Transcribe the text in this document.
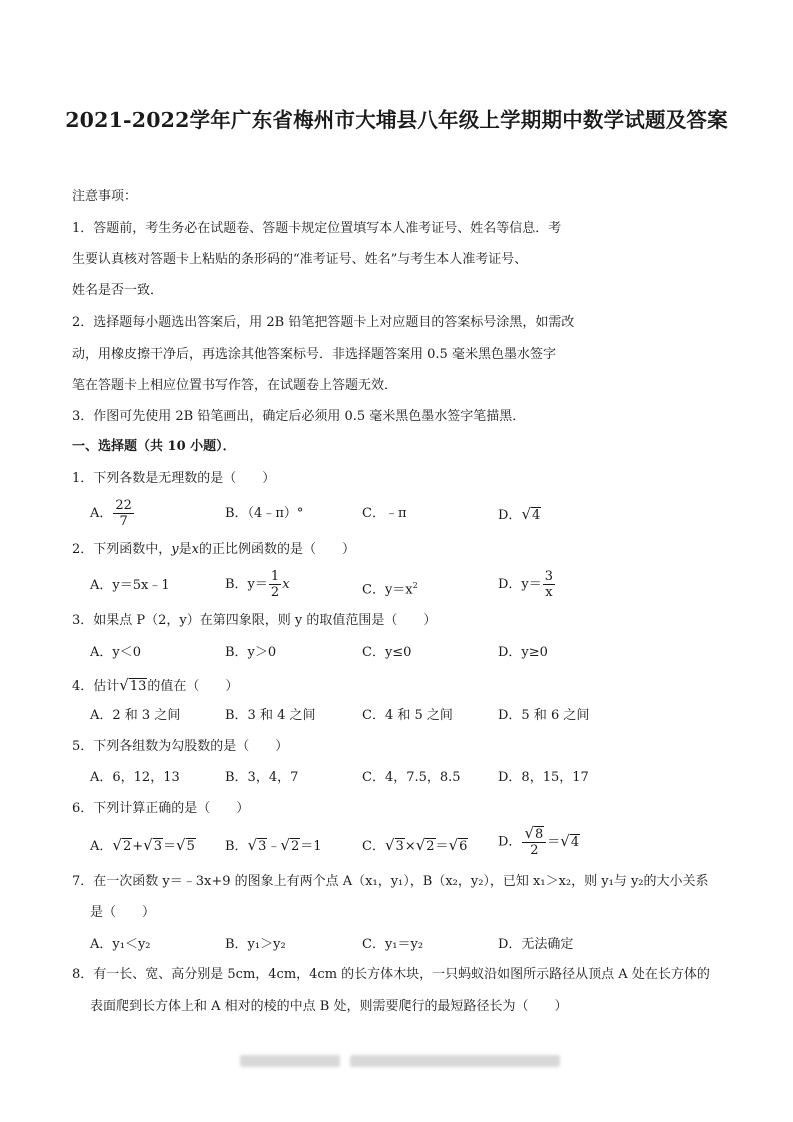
2021-2022学年广东省梅州市大埔县八年级上学期期中数学试题及答案
注意事项：
1．答题前，考生务必在试题卷、答题卡规定位置填写本人准考证号、姓名等信息．考
生要认真核对答题卡上粘贴的条形码的“准考证号、姓名”与考生本人准考证号、
姓名是否一致．
2．选择题每小题选出答案后，用 2B 铅笔把答题卡上对应题目的答案标号涂黑，如需改
动，用橡皮擦干净后，再选涂其他答案标号．非选择题答案用 0.5 毫米黑色墨水签字
笔在答题卡上相应位置书写作答，在试题卷上答题无效．
3．作图可先使用 2B 铅笔画出，确定后必须用 0.5 毫米黑色墨水签字笔描黑．
一、选择题（共 10 小题）．
1．下列各数是无理数的是（　　）
A． $\frac{22}{7}$	B．（4﹣π）°	C．﹣π	D．√4
2．下列函数中，y是x的正比例函数的是（　　）
A．y＝5x﹣1	B．$y= \frac{1}{2}$ x	C．$y=x^2$	D．$y= \frac{3}{x}$
3．如果点 P（2，y）在第四象限，则 y 的取值范围是（　　）
A．y＜0	B．y＞0	C．y≤0	D．y≥0
4．估计√13的值在（　　）
A．2 和 3 之间	B．3 和 4 之间	C．4 和 5 之间	D．5 和 6 之间
5．下列各组数为勾股数的是（　　）
A．6，12，13	B．3，4，7	C．4，7.5，8.5	D．8，15，17
6．下列计算正确的是（　　）
A．√2+√3＝√5 B．√3﹣√2＝1	C．√3×√2＝√6 D． $\frac{√8}{2} =√4$
7．在一次函数 y＝﹣3x+9 的图象上有两个点 A（x₁，y₁），B（x₂，y₂），已知 x₁＞x₂，则 y₁与 y₂的大小关系
是（　　）
A．y₁＜y₂	B．y₁＞y₂	C．y₁＝y₂	D．无法确定
8．有一长、宽、高分别是 5cm，4cm，4cm 的长方体木块，一只蚂蚁沿如图所示路径从顶点 A 处在长方体的
表面爬到长方体上和 A 相对的棱的中点 B 处，则需要爬行的最短路径长为（　　）
